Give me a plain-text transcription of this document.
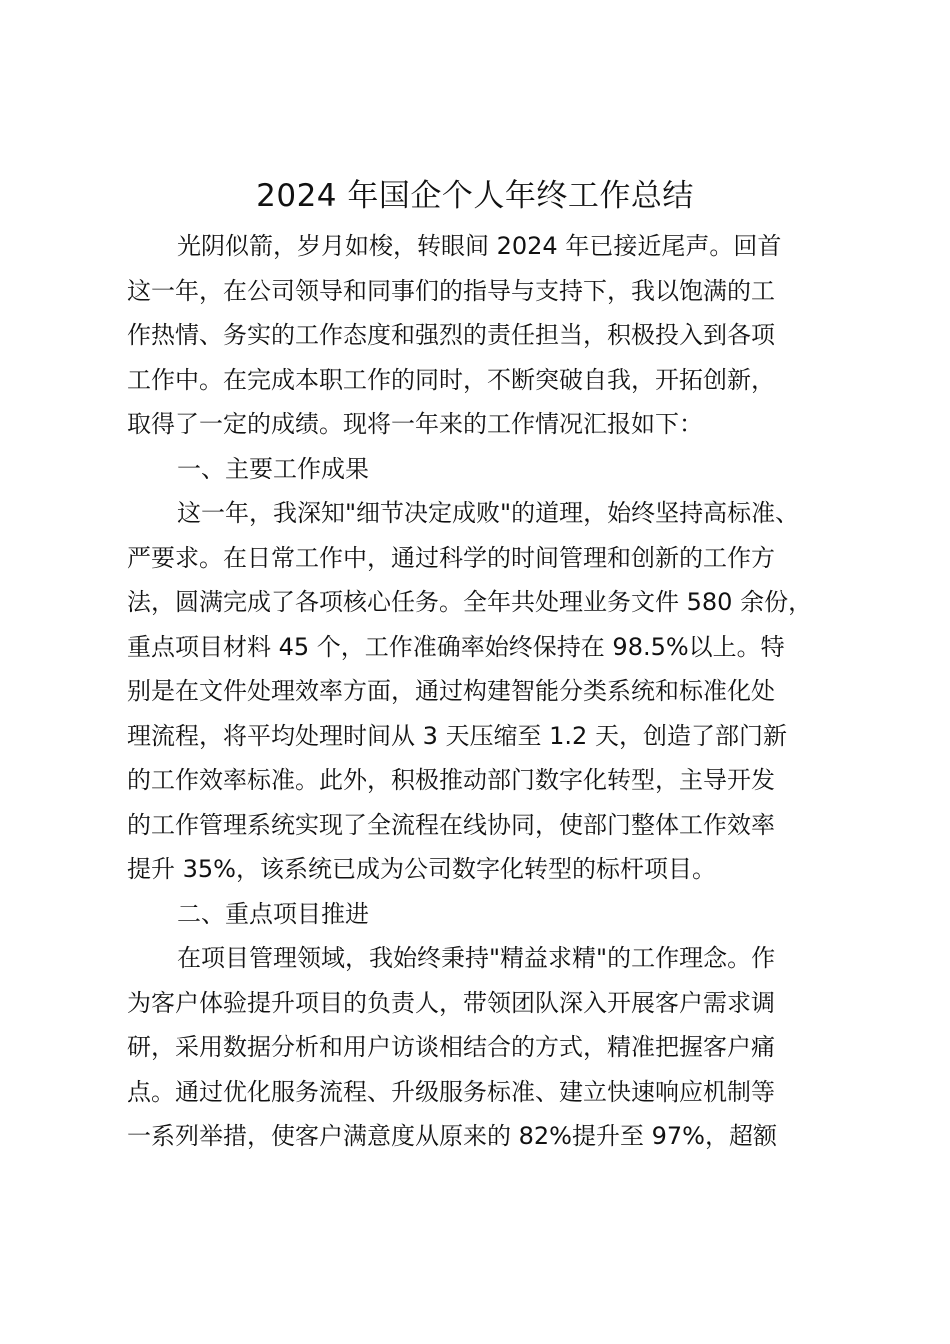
2024 年国企个人年终工作总结
光阴似箭，岁月如梭，转眼间 2024 年已接近尾声。回首
这一年，在公司领导和同事们的指导与支持下，我以饱满的工
作热情、务实的工作态度和强烈的责任担当，积极投入到各项
工作中。在完成本职工作的同时，不断突破自我，开拓创新，
取得了一定的成绩。现将一年来的工作情况汇报如下：
一、主要工作成果
这一年，我深知"细节决定成败"的道理，始终坚持高标准、
严要求。在日常工作中，通过科学的时间管理和创新的工作方
法，圆满完成了各项核心任务。全年共处理业务文件 580 余份，
重点项目材料 45 个，工作准确率始终保持在 98.5%以上。特
别是在文件处理效率方面，通过构建智能分类系统和标准化处
理流程，将平均处理时间从 3 天压缩至 1.2 天，创造了部门新
的工作效率标准。此外，积极推动部门数字化转型，主导开发
的工作管理系统实现了全流程在线协同，使部门整体工作效率
提升 35%，该系统已成为公司数字化转型的标杆项目。
二、重点项目推进
在项目管理领域，我始终秉持"精益求精"的工作理念。作
为客户体验提升项目的负责人，带领团队深入开展客户需求调
研，采用数据分析和用户访谈相结合的方式，精准把握客户痛
点。通过优化服务流程、升级服务标准、建立快速响应机制等
一系列举措，使客户满意度从原来的 82%提升至 97%，超额
